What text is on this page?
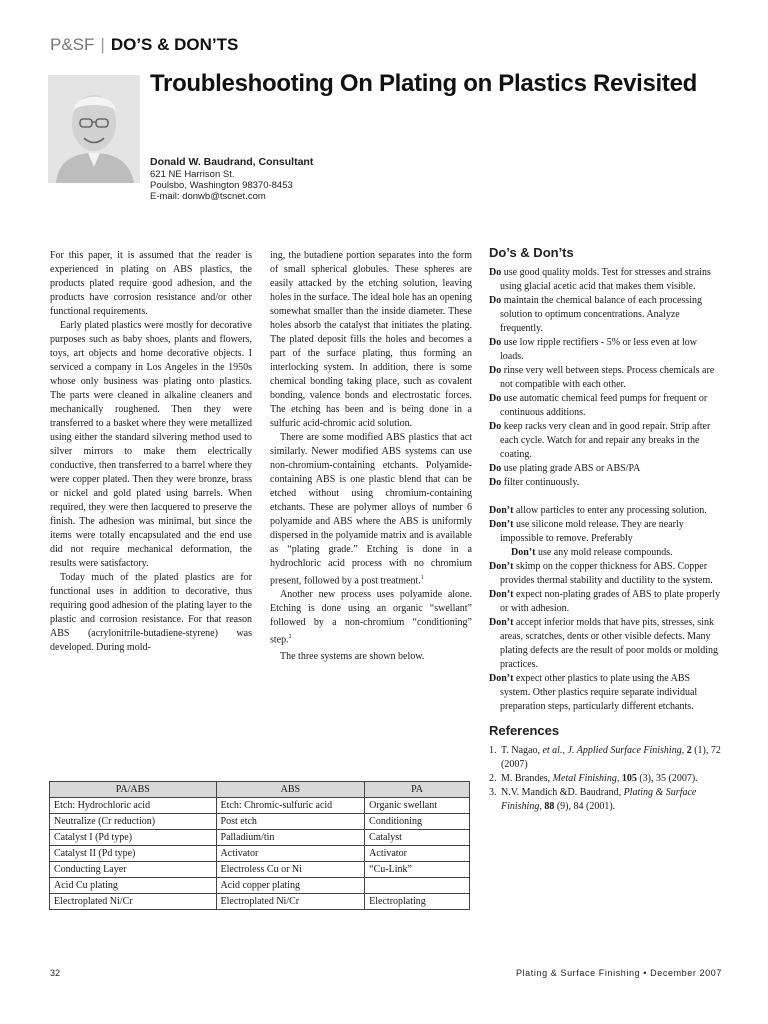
P&SF | DO’S & DON’TS
Troubleshooting On Plating on Plastics Revisited
Donald W. Baudrand, Consultant
621 NE Harrison St.
Poulsbo, Washington 98370-8453
E-mail: donwb@tscnet.com

For this paper, it is assumed that the reader is experienced in plating on ABS plastics, the products plated require good adhesion, and the products have corrosion resistance and/or other functional requirements.

Early plated plastics were mostly for decorative purposes such as baby shoes, plants and flowers, toys, art objects and home decorative objects. I serviced a company in Los Angeles in the 1950s whose only business was plating onto plastics. The parts were cleaned in alkaline cleaners and mechanically roughened. Then they were transferred to a basket where they were metallized using either the standard silvering method used to silver mirrors to make them electrically conductive, then transferred to a barrel where they were copper plated. Then they were bronze, brass or nickel and gold plated using barrels. When required, they were then lacquered to preserve the finish. The adhesion was minimal, but since the items were totally encapsulated and the end use did not require mechanical deformation, the results were satisfactory.

Today much of the plated plastics are for functional uses in addition to decorative, thus requiring good adhesion of the plating layer to the plastic and corrosion resistance. For that reason ABS (acrylonitrile-butadiene-styrene) was developed. During mold-

ing, the butadiene portion separates into the form of small spherical globules. These spheres are easily attacked by the etching solution, leaving holes in the surface. The ideal hole has an opening somewhat smaller than the inside diameter. These holes absorb the catalyst that initiates the plating. The plated deposit fills the holes and becomes a part of the surface plating, thus forming an interlocking system. In addition, there is some chemical bonding taking place, such as covalent bonding, valence bonds and electrostatic forces. The etching has been and is being done in a sulfuric acid-chromic acid solution.

There are some modified ABS plastics that act similarly. Newer modified ABS systems can use non-chromium-containing etchants. Polyamide-containing ABS is one plastic blend that can be etched without using chromium-containing etchants. These are polymer alloys of number 6 polyamide and ABS where the ABS is uniformly dispersed in the polyamide matrix and is available as “plating grade.” Etching is done in a hydrochloric acid process with no chromium present, followed by a post treatment.$^1$

Another new process uses polyamide alone. Etching is done using an organic “swellant” followed by a non-chromium “conditioning” step.$^2$

The three systems are shown below.

Do’s & Don’ts

Do use good quality molds. Test for stresses and strains using glacial acetic acid that makes them visible.

Do maintain the chemical balance of each processing solution to optimum concentrations. Analyze frequently.

Do use low ripple rectifiers - 5% or less even at low loads.

Do rinse very well between steps. Process chemicals are not compatible with each other.

Do use automatic chemical feed pumps for frequent or continuous additions.

Do keep racks very clean and in good repair. Strip after each cycle. Watch for and repair any breaks in the coating.

Do use plating grade ABS or ABS/PA

Do filter continuously.

Don’t allow particles to enter any processing solution.

Don’t use silicone mold release. They are nearly impossible to remove. Preferably
Don’t use any mold release compounds.

Don’t skimp on the copper thickness for ABS. Copper provides thermal stability and ductility to the system.

Don’t expect non-plating grades of ABS to plate properly or with adhesion.

Don’t accept inferior molds that have pits, stresses, sink areas, scratches, dents or other visible defects. Many plating defects are the result of poor molds or molding practices.

Don’t expect other plastics to plate using the ABS system. Other plastics require separate individual preparation steps, particularly different etchants.

References
1. T. Nagao, et al., J. Applied Surface Finishing, 2 (1), 72 (2007)
2. M. Brandes, Metal Finishing, 105 (3), 35 (2007).
3. N.V. Mandich &D. Baudrand, Plating & Surface Finishing, 88 (9), 84 (2001).
PA/ABS	ABS	PA
Etch: Hydrochloric acid	Etch: Chromic-sulfuric acid	Organic swellant
Neutralize (Cr reduction)	Post etch	Conditioning
Catalyst I (Pd type)	Palladium/tin	Catalyst
Catalyst II (Pd type)	Activator	Activator
Conducting Layer	Electroless Cu or Ni	“Cu-Link”
Acid Cu plating	Acid copper plating	
Electroplated Ni/Cr	Electroplated Ni/Cr	Electroplating
32	Plating & Surface Finishing • December 2007
